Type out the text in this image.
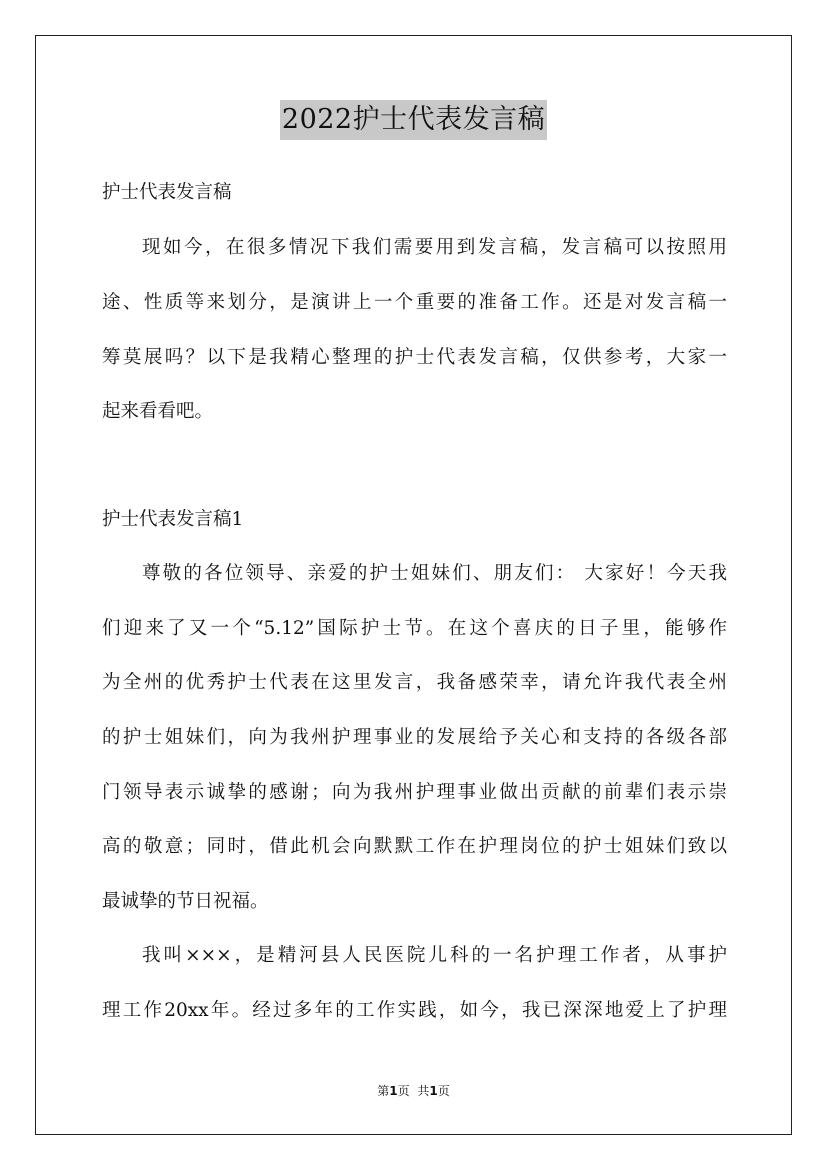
2022护士代表发言稿
护士代表发言稿
现如今，在很多情况下我们需要用到发言稿，发言稿可以按照用
途、性质等来划分，是演讲上一个重要的准备工作。还是对发言稿一
筹莫展吗？以下是我精心整理的护士代表发言稿，仅供参考，大家一
起来看看吧。
护士代表发言稿1
尊敬的各位领导、亲爱的护士姐妹们、朋友们： 大家好！今天我
们迎来了又一个“5.12”国际护士节。在这个喜庆的日子里，能够作
为全州的优秀护士代表在这里发言，我备感荣幸，请允许我代表全州
的护士姐妹们，向为我州护理事业的发展给予关心和支持的各级各部
门领导表示诚挚的感谢；向为我州护理事业做出贡献的前辈们表示崇
高的敬意；同时，借此机会向默默工作在护理岗位的护士姐妹们致以
最诚挚的节日祝福。
我叫×××，是精河县人民医院儿科的一名护理工作者，从事护
理工作20xx年。经过多年的工作实践，如今，我已深深地爱上了护理
第1页 共1页
